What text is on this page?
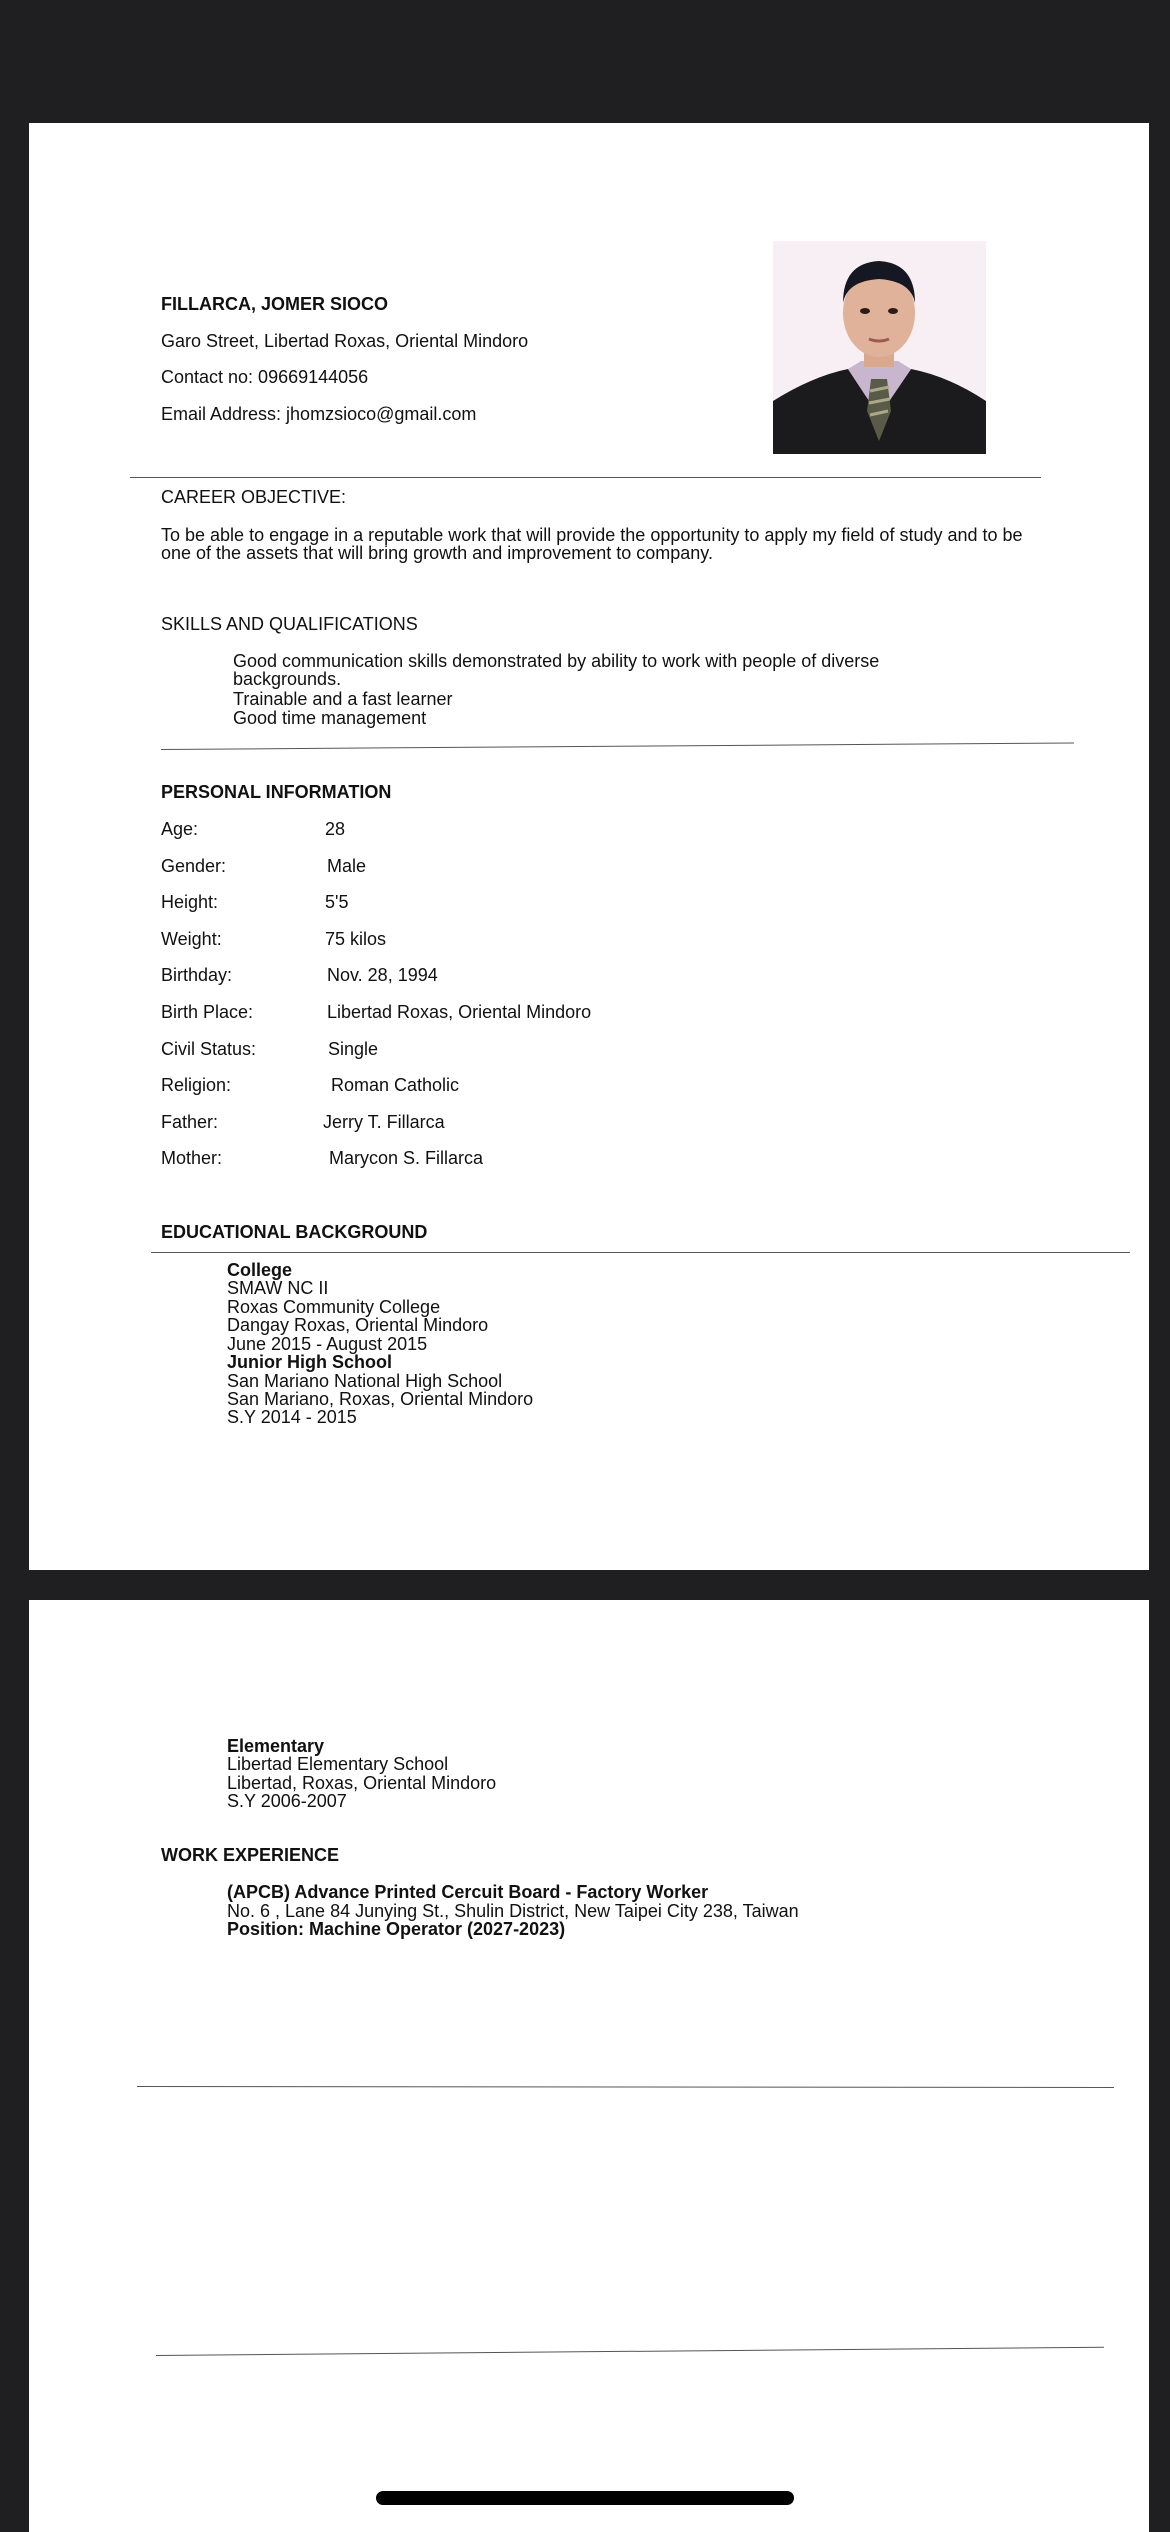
FILLARCA, JOMER SIOCO
Garo Street, Libertad Roxas, Oriental Mindoro
Contact no: 09669144056
Email Address: jhomzsioco@gmail.com
CAREER OBJECTIVE:
To be able to engage in a reputable work that will provide the opportunity to apply my field of study and to be one of the assets that will bring growth and improvement to company.
SKILLS AND QUALIFICATIONS
Good communication skills demonstrated by ability to work with people of diverse backgrounds.
Trainable and a fast learner
Good time management
PERSONAL INFORMATION
Age:	28
Gender:	Male
Height:	5'5
Weight:	75 kilos
Birthday:	Nov. 28, 1994
Birth Place:	Libertad Roxas, Oriental Mindoro
Civil Status:	Single
Religion:	Roman Catholic
Father:	Jerry T. Fillarca
Mother:	Marycon S. Fillarca
EDUCATIONAL BACKGROUND
College
SMAW NC II
Roxas Community College
Dangay Roxas, Oriental Mindoro
June 2015 - August 2015
Junior High School
San Mariano National High School
San Mariano, Roxas, Oriental Mindoro
S.Y 2014 - 2015
Elementary
Libertad Elementary School
Libertad, Roxas, Oriental Mindoro
S.Y 2006-2007
WORK EXPERIENCE
(APCB) Advance Printed Cercuit Board - Factory Worker
No. 6 , Lane 84 Junying St., Shulin District, New Taipei City 238, Taiwan
Position: Machine Operator (2027-2023)
